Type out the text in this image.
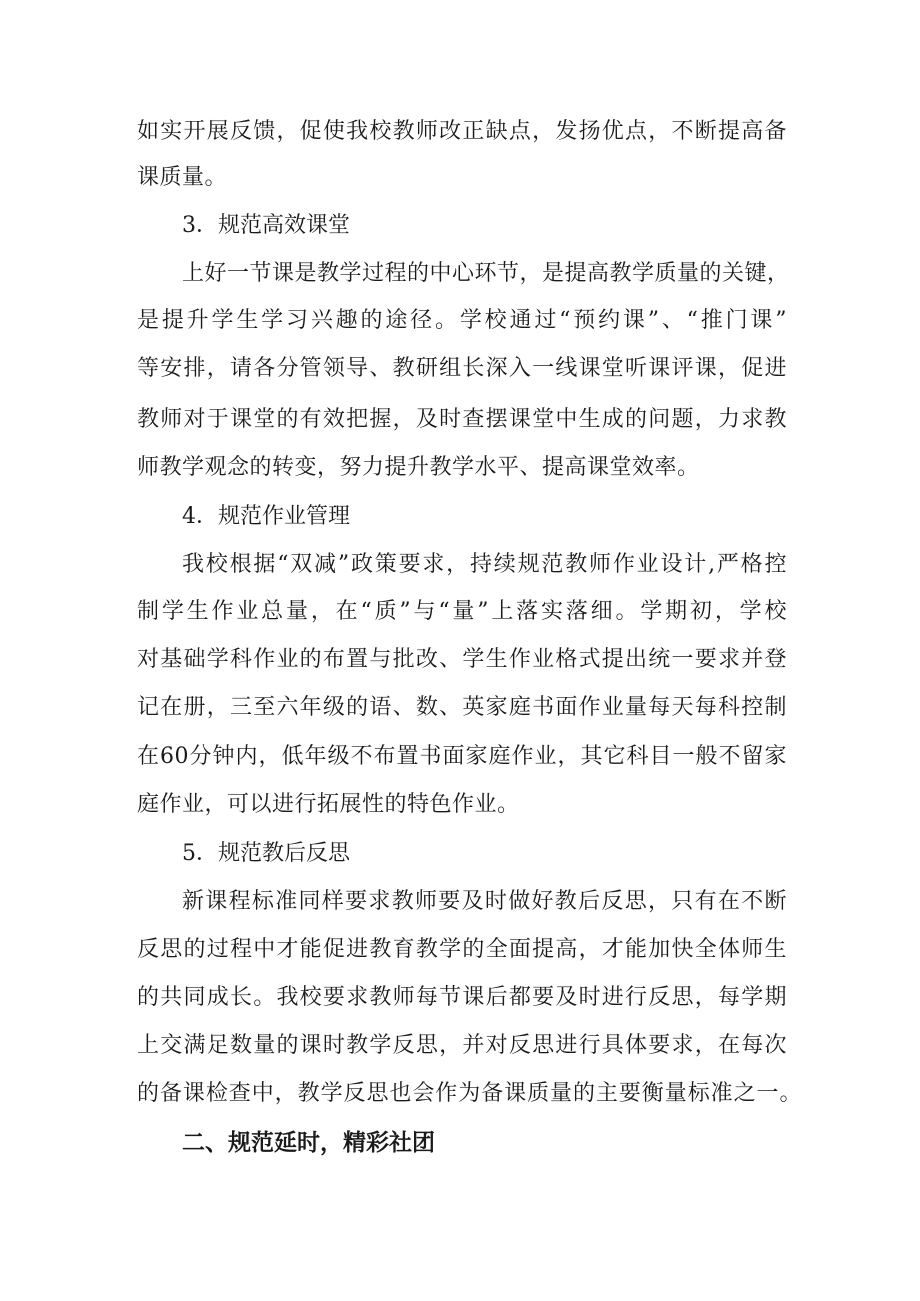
如实开展反馈，促使我校教师改正缺点，发扬优点，不断提高备
课质量。
3．规范高效课堂
上好一节课是教学过程的中心环节，是提高教学质量的关键，
是提升学生学习兴趣的途径。学校通过“预约课”、“推门课”
等安排，请各分管领导、教研组长深入一线课堂听课评课，促进
教师对于课堂的有效把握，及时查摆课堂中生成的问题，力求教
师教学观念的转变，努力提升教学水平、提高课堂效率。
4．规范作业管理
我校根据“双减”政策要求，持续规范教师作业设计,严格控
制学生作业总量，在“质”与“量”上落实落细。学期初，学校
对基础学科作业的布置与批改、学生作业格式提出统一要求并登
记在册，三至六年级的语、数、英家庭书面作业量每天每科控制
在60分钟内，低年级不布置书面家庭作业，其它科目一般不留家
庭作业，可以进行拓展性的特色作业。
5．规范教后反思
新课程标准同样要求教师要及时做好教后反思，只有在不断
反思的过程中才能促进教育教学的全面提高，才能加快全体师生
的共同成长。我校要求教师每节课后都要及时进行反思，每学期
上交满足数量的课时教学反思，并对反思进行具体要求，在每次
的备课检查中，教学反思也会作为备课质量的主要衡量标准之一。
二、规范延时，精彩社团
